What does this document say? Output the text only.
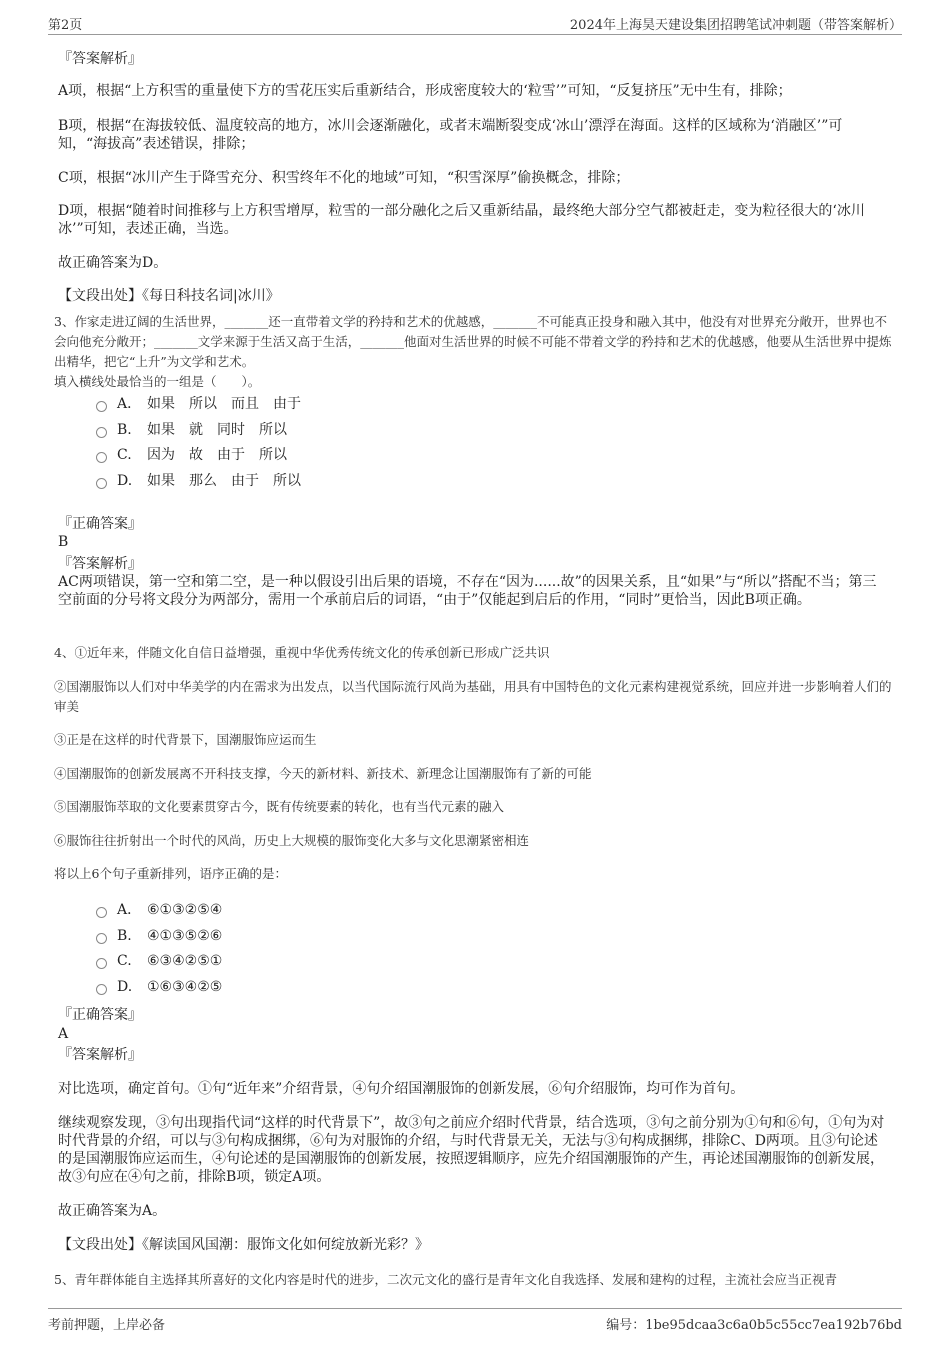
第2页	2024年上海昊天建设集团招聘笔试冲刺题（带答案解析）
『答案解析』
A项，根据“上方积雪的重量使下方的雪花压实后重新结合，形成密度较大的‘粒雪’”可知，“反复挤压”无中生有，排除；
B项，根据“在海拔较低、温度较高的地方，冰川会逐渐融化，或者末端断裂变成‘冰山’漂浮在海面。这样的区域称为‘消融区’”可知，“海拔高”表述错误，排除；
C项，根据“冰川产生于降雪充分、积雪终年不化的地域”可知，“积雪深厚”偷换概念，排除；
D项，根据“随着时间推移与上方积雪增厚，粒雪的一部分融化之后又重新结晶，最终绝大部分空气都被赶走，变为粒径很大的‘冰川冰’”可知，表述正确，当选。
故正确答案为D。
【文段出处】《每日科技名词|冰川》
3、作家走进辽阔的生活世界，_______还一直带着文学的矜持和艺术的优越感，_______不可能真正投身和融入其中，他没有对世界充分敞开，世界也不会向他充分敞开；_______文学来源于生活又高于生活，_______他面对生活世界的时候不可能不带着文学的矜持和艺术的优越感，他要从生活世界中提炼出精华，把它“上升”为文学和艺术。
填入横线处最恰当的一组是（　　）。
A． 如果 所以 而且 由于
B. 如果 就 同时 所以
C. 因为 故 由于 所以
D. 如果 那么 由于 所以
『正确答案』
B
『答案解析』
AC两项错误，第一空和第二空，是一种以假设引出后果的语境，不存在“因为......故”的因果关系，且“如果”与“所以”搭配不当；第三空前面的分号将文段分为两部分，需用一个承前启后的词语，“由于”仅能起到启后的作用，“同时”更恰当，因此B项正确。
4、①近年来，伴随文化自信日益增强，重视中华优秀传统文化的传承创新已形成广泛共识
②国潮服饰以人们对中华美学的内在需求为出发点，以当代国际流行风尚为基础，用具有中国特色的文化元素构建视觉系统，回应并进一步影响着人们的审美
③正是在这样的时代背景下，国潮服饰应运而生
④国潮服饰的创新发展离不开科技支撑，今天的新材料、新技术、新理念让国潮服饰有了新的可能
⑤国潮服饰萃取的文化要素贯穿古今，既有传统要素的转化，也有当代元素的融入
⑥服饰往往折射出一个时代的风尚，历史上大规模的服饰变化大多与文化思潮紧密相连
将以上6个句子重新排列，语序正确的是：
A． ⑥①③②⑤④
B. ④①③⑤②⑥
C. ⑥③④②⑤①
D. ①⑥③④②⑤
『正确答案』
A
『答案解析』
对比选项，确定首句。①句“近年来”介绍背景，④句介绍国潮服饰的创新发展，⑥句介绍服饰，均可作为首句。
继续观察发现，③句出现指代词“这样的时代背景下”，故③句之前应介绍时代背景，结合选项，③句之前分别为①句和⑥句，①句为对时代背景的介绍，可以与③句构成捆绑，⑥句为对服饰的介绍，与时代背景无关，无法与③句构成捆绑，排除C、D两项。且③句论述的是国潮服饰应运而生，④句论述的是国潮服饰的创新发展，按照逻辑顺序，应先介绍国潮服饰的产生，再论述国潮服饰的创新发展，故③句应在④句之前，排除B项，锁定A项。
故正确答案为A。
【文段出处】《解读国风国潮：服饰文化如何绽放新光彩？》
5、青年群体能自主选择其所喜好的文化内容是时代的进步，二次元文化的盛行是青年文化自我选择、发展和建构的过程，主流社会应当正视青
考前押题，上岸必备	编号：1be95dcaa3c6a0b5c55cc7ea192b76bd
